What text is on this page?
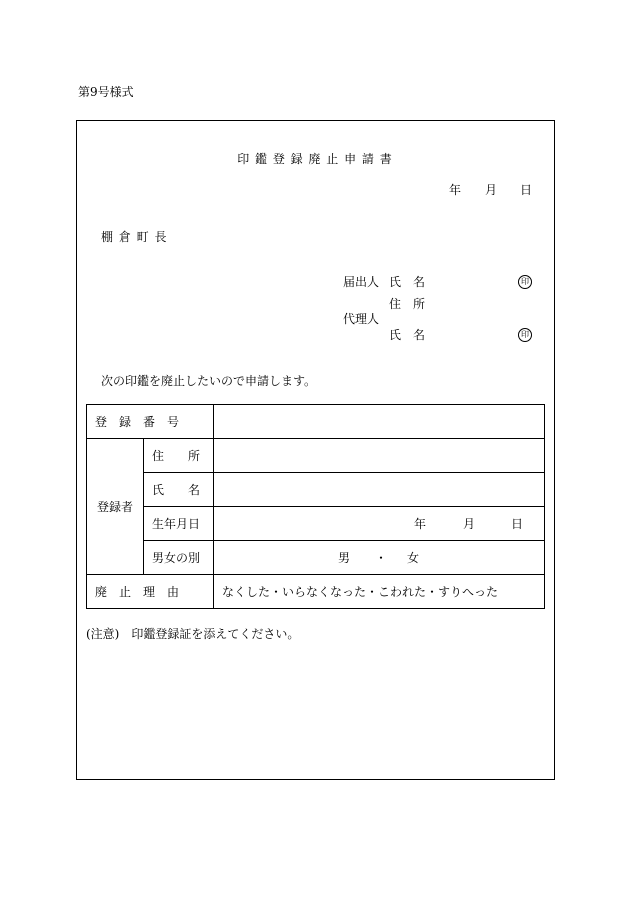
第9号様式
印 鑑 登 録 廃 止 申 請 書
年 月 日
棚 倉 町 長
届出人 氏　名	印
住　所
代理人
氏　名	印
次の印鑑を廃止したいので申請します。
登　録　番　号		
登録者	住　　所	
	氏　　名	
	生年月日	年 月 日

	男女の別	男 ・ 女

廃　止　理　由		なくした・いらなくなった・こわれた・すりへった
(注意)　印鑑登録証を添えてください。
